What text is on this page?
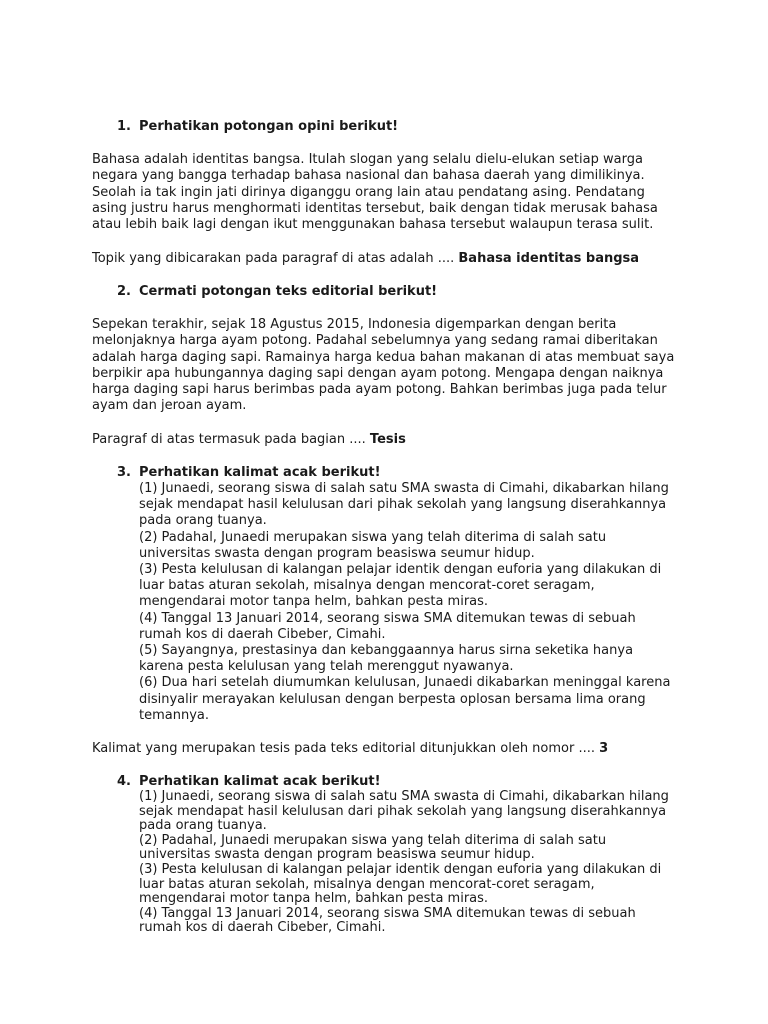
1. Perhatikan potongan opini berikut!
Bahasa adalah identitas bangsa. Itulah slogan yang selalu dielu-elukan setiap warga
negara yang bangga terhadap bahasa nasional dan bahasa daerah yang dimilikinya.
Seolah ia tak ingin jati dirinya diganggu orang lain atau pendatang asing. Pendatang
asing justru harus menghormati identitas tersebut, baik dengan tidak merusak bahasa
atau lebih baik lagi dengan ikut menggunakan bahasa tersebut walaupun terasa sulit.
Topik yang dibicarakan pada paragraf di atas adalah .... Bahasa identitas bangsa
2. Cermati potongan teks editorial berikut!
Sepekan terakhir, sejak 18 Agustus 2015, Indonesia digemparkan dengan berita
melonjaknya harga ayam potong. Padahal sebelumnya yang sedang ramai diberitakan
adalah harga daging sapi. Ramainya harga kedua bahan makanan di atas membuat saya
berpikir apa hubungannya daging sapi dengan ayam potong. Mengapa dengan naiknya
harga daging sapi harus berimbas pada ayam potong. Bahkan berimbas juga pada telur
ayam dan jeroan ayam.
Paragraf di atas termasuk pada bagian .... Tesis
3. Perhatikan kalimat acak berikut!
(1) Junaedi, seorang siswa di salah satu SMA swasta di Cimahi, dikabarkan hilang
sejak mendapat hasil kelulusan dari pihak sekolah yang langsung diserahkannya
pada orang tuanya.
(2) Padahal, Junaedi merupakan siswa yang telah diterima di salah satu
universitas swasta dengan program beasiswa seumur hidup.
(3) Pesta kelulusan di kalangan pelajar identik dengan euforia yang dilakukan di
luar batas aturan sekolah, misalnya dengan mencorat-coret seragam,
mengendarai motor tanpa helm, bahkan pesta miras.
(4) Tanggal 13 Januari 2014, seorang siswa SMA ditemukan tewas di sebuah
rumah kos di daerah Cibeber, Cimahi.
(5) Sayangnya, prestasinya dan kebanggaannya harus sirna seketika hanya
karena pesta kelulusan yang telah merenggut nyawanya.
(6) Dua hari setelah diumumkan kelulusan, Junaedi dikabarkan meninggal karena
disinyalir merayakan kelulusan dengan berpesta oplosan bersama lima orang
temannya.
Kalimat yang merupakan tesis pada teks editorial ditunjukkan oleh nomor .... 3
4. Perhatikan kalimat acak berikut!
(1) Junaedi, seorang siswa di salah satu SMA swasta di Cimahi, dikabarkan hilang
sejak mendapat hasil kelulusan dari pihak sekolah yang langsung diserahkannya
pada orang tuanya.
(2) Padahal, Junaedi merupakan siswa yang telah diterima di salah satu
universitas swasta dengan program beasiswa seumur hidup.
(3) Pesta kelulusan di kalangan pelajar identik dengan euforia yang dilakukan di
luar batas aturan sekolah, misalnya dengan mencorat-coret seragam,
mengendarai motor tanpa helm, bahkan pesta miras.
(4) Tanggal 13 Januari 2014, seorang siswa SMA ditemukan tewas di sebuah
rumah kos di daerah Cibeber, Cimahi.
